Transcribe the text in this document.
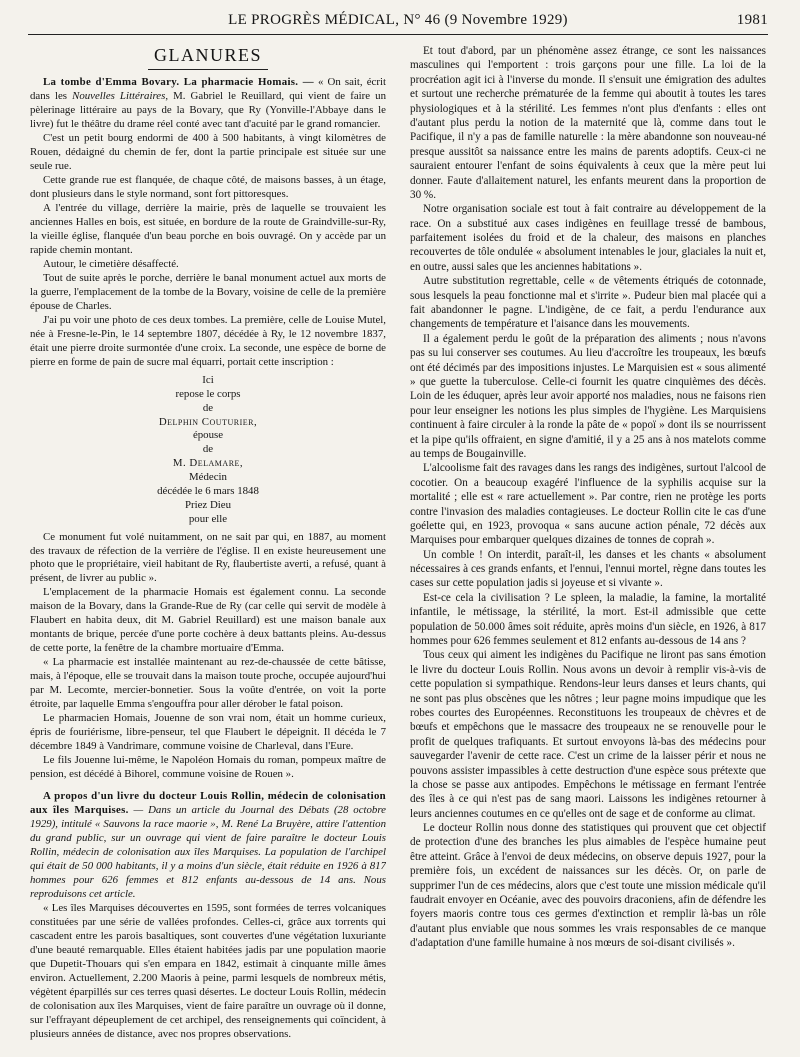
LE PROGRÈS MÉDICAL, N° 46 (9 Novembre 1929)	1981
GLANURES

La tombe d'Emma Bovary. La pharmacie Homais. — « On sait, écrit dans les Nouvelles Littéraires, M. Gabriel le Reuillard, qui vient de faire un pèlerinage littéraire au pays de la Bovary, que Ry (Yonville-l'Abbaye dans le livre) fut le théâtre du drame réel conté avec tant d'acuité par le grand romancier.

C'est un petit bourg endormi de 400 à 500 habitants, à vingt kilomètres de Rouen, dédaigné du chemin de fer, dont la partie principale est située sur une seule rue.

Cette grande rue est flanquée, de chaque côté, de maisons basses, à un étage, dont plusieurs dans le style normand, sont fort pittoresques.

A l'entrée du village, derrière la mairie, près de laquelle se trouvaient les anciennes Halles en bois, est située, en bordure de la route de Graindville-sur-Ry, la vieille église, flanquée d'un beau porche en bois ouvragé. On y accède par un rapide chemin montant.

Autour, le cimetière désaffecté.

Tout de suite après le porche, derrière le banal monument actuel aux morts de la guerre, l'emplacement de la tombe de la Bovary, voisine de celle de la première épouse de Charles.

J'ai pu voir une photo de ces deux tombes. La première, celle de Louise Mutel, née à Fresne-le-Pin, le 14 septembre 1807, décédée à Ry, le 12 novembre 1837, était une pierre droite surmontée d'une croix. La seconde, une espèce de borne de pierre en forme de pain de sucre mal équarri, portait cette inscription :

Ici
repose le corps
de
Delphin Couturier,
épouse
de
M. Delamare,
Médecin
décédée le 6 mars 1848
Priez Dieu
pour elle

Ce monument fut volé nuitamment, on ne sait par qui, en 1887, au moment des travaux de réfection de la verrière de l'église. Il en existe heureusement une photo que le propriétaire, vieil habitant de Ry, flaubertiste averti, a refusé, quant à présent, de livrer au public ».

L'emplacement de la pharmacie Homais est également connu. La seconde maison de la Bovary, dans la Grande-Rue de Ry (car celle qui servit de modèle à Flaubert en habita deux, dit M. Gabriel Reuillard) est une maison banale aux montants de brique, percée d'une porte cochère à deux battants pleins. Au-dessus de cette porte, la fenêtre de la chambre mortuaire d'Emma.

« La pharmacie est installée maintenant au rez-de-chaussée de cette bâtisse, mais, à l'époque, elle se trouvait dans la maison toute proche, occupée aujourd'hui par M. Lecomte, mercier-bonnetier. Sous la voûte d'entrée, on voit la porte étroite, par laquelle Emma s'engouffra pour aller dérober le fatal poison.

Le pharmacien Homais, Jouenne de son vrai nom, était un homme curieux, épris de fouriérisme, libre-penseur, tel que Flaubert le dépeignit. Il décéda le 7 décembre 1849 à Vandrimare, commune voisine de Charleval, dans l'Eure.

Le fils Jouenne lui-même, le Napoléon Homais du roman, pompeux maître de pension, est décédé à Bihorel, commune voisine de Rouen ».

A propos d'un livre du docteur Louis Rollin, médecin de colonisation aux îles Marquises. — Dans un article du Journal des Débats (28 octobre 1929), intitulé « Sauvons la race maorie », M. René La Bruyère, attire l'attention du grand public, sur un ouvrage qui vient de faire paraître le docteur Louis Rollin, médecin de colonisation aux îles Marquises. La population de l'archipel qui était de 50 000 habitants, il y a moins d'un siècle, était réduite en 1926 à 817 hommes pour 626 femmes et 812 enfants au-dessous de 14 ans. Nous reproduisons cet article.

« Les îles Marquises découvertes en 1595, sont formées de terres volcaniques constituées par une série de vallées profondes. Celles-ci, grâce aux torrents qui cascadent entre les parois basaltiques, sont couvertes d'une végétation luxuriante d'une beauté remarquable. Elles étaient habitées jadis par une population maorie que Dupetit-Thouars qui s'en empara en 1842, estimait à cinquante mille âmes environ. Actuellement, 2.200 Maoris à peine, parmi lesquels de nombreux métis, végètent éparpillés sur ces terres quasi désertes. Le docteur Louis Rollin, médecin de colonisation aux îles Marquises, vient de faire paraître un ouvrage où il donne, sur l'effrayant dépeuplement de cet archipel, des renseignements qui coïncident, à plusieurs années de distance, avec nos propres observations.

Et tout d'abord, par un phénomène assez étrange, ce sont les naissances masculines qui l'emportent : trois garçons pour une fille. La loi de la procréation agit ici à l'inverse du monde. Il s'ensuit une émigration des adultes et surtout une recherche prématurée de la femme qui aboutit à toutes les tares physiologiques et à la stérilité. Les femmes n'ont plus d'enfants : elles ont d'autant plus perdu la notion de la maternité que là, comme dans tout le Pacifique, il n'y a pas de famille naturelle : la mère abandonne son nouveau-né presque aussitôt sa naissance entre les mains de parents adoptifs. Ceux-ci ne sauraient entourer l'enfant de soins équivalents à ceux que la mère peut lui donner. Faute d'allaitement naturel, les enfants meurent dans la proportion de 30 %.

Notre organisation sociale est tout à fait contraire au développement de la race. On a substitué aux cases indigènes en feuillage tressé de bambous, parfaitement isolées du froid et de la chaleur, des maisons en planches recouvertes de tôle ondulée « absolument intenables le jour, glaciales la nuit et, en outre, aussi sales que les anciennes habitations ».

Autre substitution regrettable, celle « de vêtements étriqués de cotonnade, sous lesquels la peau fonctionne mal et s'irrite ». Pudeur bien mal placée qui a fait abandonner le pagne. L'indigène, de ce fait, a perdu l'endurance aux changements de température et l'aisance dans les mouvements.

Il a également perdu le goût de la préparation des aliments ; nous n'avons pas su lui conserver ses coutumes. Au lieu d'accroître les troupeaux, les bœufs ont été décimés par des impositions injustes. Le Marquisien est « sous alimenté » que guette la tuberculose. Celle-ci fournit les quatre cinquièmes des décès. Loin de les éduquer, après leur avoir apporté nos maladies, nous ne faisons rien pour leur enseigner les notions les plus simples de l'hygiène. Les Marquisiens continuent à faire circuler à la ronde la pâte de « popoï » dont ils se nourrissent et la pipe qu'ils offraient, en signe d'amitié, il y a 25 ans à nos matelots comme au temps de Bougainville.

L'alcoolisme fait des ravages dans les rangs des indigènes, surtout l'alcool de cocotier. On a beaucoup exagéré l'influence de la syphilis acquise sur la mortalité ; elle est « rare actuellement ». Par contre, rien ne protège les ports contre l'invasion des maladies contagieuses. Le docteur Rollin cite le cas d'une goélette qui, en 1923, provoqua « sans aucune action pénale, 72 décès aux Marquises pour embarquer quelques dizaines de tonnes de coprah ».

Un comble ! On interdit, paraît-il, les danses et les chants « absolument nécessaires à ces grands enfants, et l'ennui, l'ennui mortel, règne dans toutes les cases sur cette population jadis si joyeuse et si vivante ».

Est-ce cela la civilisation ? Le spleen, la maladie, la famine, la mortalité infantile, le métissage, la stérilité, la mort. Est-il admissible que cette population de 50.000 âmes soit réduite, après moins d'un siècle, en 1926, à 817 hommes pour 626 femmes seulement et 812 enfants au-dessous de 14 ans ?

Tous ceux qui aiment les indigènes du Pacifique ne liront pas sans émotion le livre du docteur Louis Rollin. Nous avons un devoir à remplir vis-à-vis de cette population si sympathique. Rendons-leur leurs danses et leurs chants, qui ne sont pas plus obscènes que les nôtres ; leur pagne moins impudique que les robes courtes des Européennes. Reconstituons les troupeaux de chèvres et de bœufs et empêchons que le massacre des troupeaux ne se renouvelle pour le profit de quelques trafiquants. Et surtout envoyons là-bas des médecins pour sauvegarder l'avenir de cette race. C'est un crime de la laisser périr et nous ne pouvons assister impassibles à cette destruction d'une espèce sous prétexte que la chose se passe aux antipodes. Empêchons le métissage en fermant l'entrée des îles à ce qui n'est pas de sang maori. Laissons les indigènes retourner à leurs anciennes coutumes en ce qu'elles ont de sage et de conforme au climat.

Le docteur Rollin nous donne des statistiques qui prouvent que cet objectif de protection d'une des branches les plus aimables de l'espèce humaine peut être atteint. Grâce à l'envoi de deux médecins, on observe depuis 1927, pour la première fois, un excédent de naissances sur les décès. Or, on parle de supprimer l'un de ces médecins, alors que c'est toute une mission médicale qu'il faudrait envoyer en Océanie, avec des pouvoirs draconiens, afin de défendre les foyers maoris contre tous ces germes d'extinction et remplir là-bas un rôle d'autant plus enviable que nous sommes les vrais responsables de ce manque d'adaptation d'une famille humaine à nos mœurs de soi-disant civilisés ».
